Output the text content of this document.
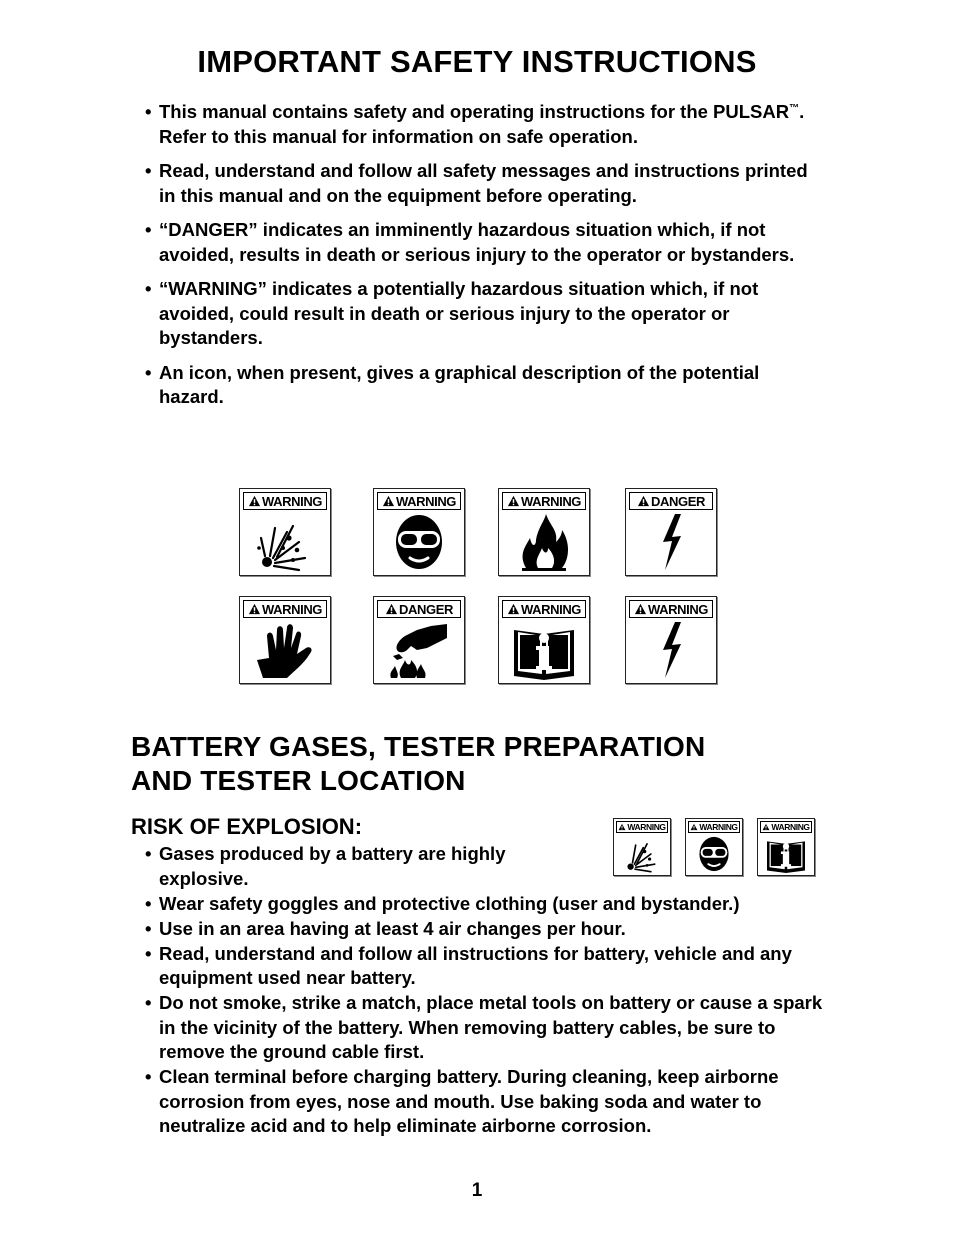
IMPORTANT SAFETY INSTRUCTIONS
• This manual contains safety and operating instructions for the PULSAR™. Refer to this manual for information on safe operation.
• Read, understand and follow all safety messages and instructions printed in this manual and on the equipment before operating.
• “DANGER” indicates an imminently hazardous situation which, if not avoided, results in death or serious injury to the operator or bystanders.
• “WARNING” indicates a potentially hazardous situation which, if not avoided, could result in death or serious injury to the operator or bystanders.
• An icon, when present, gives a graphical description of the potential hazard.
WARNING	WARNING	WARNING	DANGER
WARNING	DANGER	WARNING	WARNING
BATTERY GASES, TESTER PREPARATION
AND TESTER LOCATION
RISK OF EXPLOSION:	WARNING	WARNING	WARNING
• Gases produced by a battery are highly explosive.
• Wear safety goggles and protective clothing (user and bystander.)
• Use in an area having at least 4 air changes per hour.
• Read, understand and follow all instructions for battery, vehicle and any equipment used near battery.
• Do not smoke, strike a match, place metal tools on battery or cause a spark in the vicinity of the battery. When removing battery cables, be sure to remove the ground cable first.
• Clean terminal before charging battery. During cleaning, keep airborne corrosion from eyes, nose and mouth. Use baking soda and water to neutralize acid and to help eliminate airborne corrosion.
1
